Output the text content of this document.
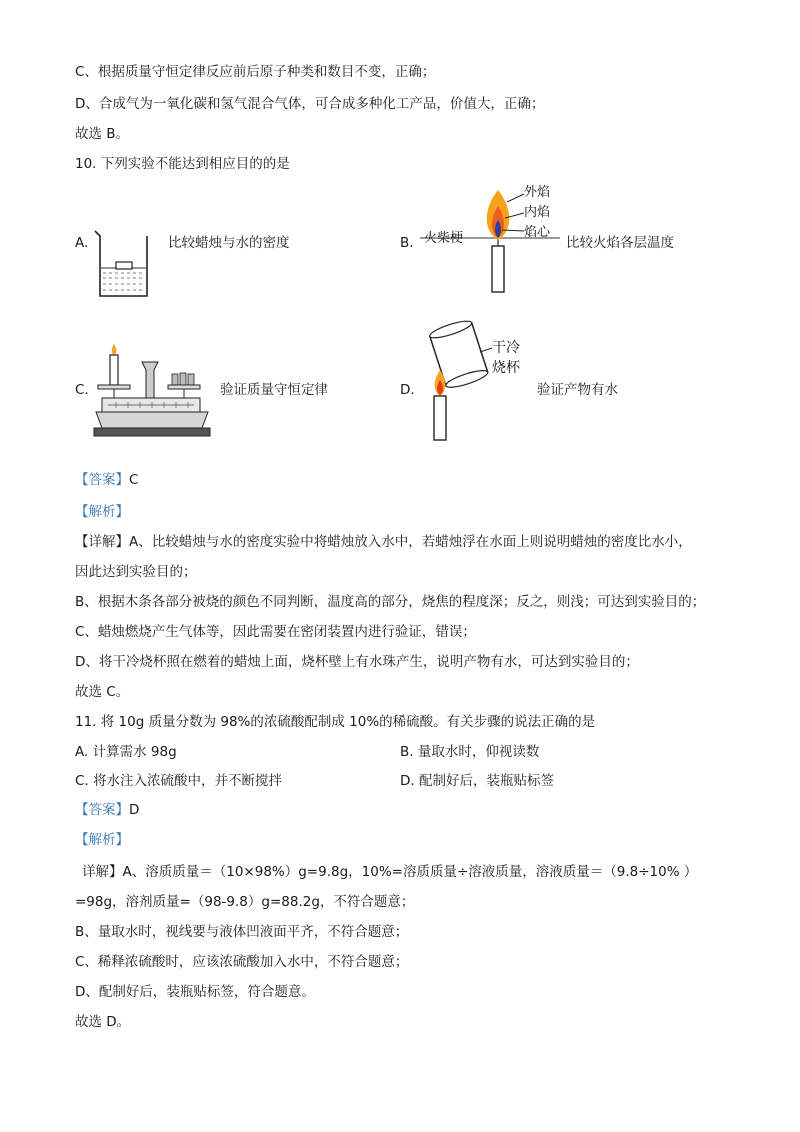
C、根据质量守恒定律反应前后原子种类和数目不变，正确；
D、合成气为一氧化碳和氢气混合气体，可合成多种化工产品，价值大，正确；
故选 B。
10. 下列实验不能达到相应目的的是
A.	比较蜡烛与水的密度	B.
外焰
内焰
焰心
火柴梗	比较火焰各层温度
C.	验证质量守恒定律	D.
干冷
烧杯
验证产物有水
【答案】C
【解析】
【详解】A、比较蜡烛与水的密度实验中将蜡烛放入水中，若蜡烛浮在水面上则说明蜡烛的密度比水小，
因此达到实验目的；
B、根据木条各部分被烧的颜色不同判断，温度高的部分，烧焦的程度深；反之，则浅；可达到实验目的；
C、蜡烛燃烧产生气体等，因此需要在密闭装置内进行验证，错误；
D、将干冷烧杯照在燃着的蜡烛上面，烧杯壁上有水珠产生，说明产物有水，可达到实验目的；
故选 C。
11. 将 10g 质量分数为 98%的浓硫酸配制成 10%的稀硫酸。有关步骤的说法正确的是
A. 计算需水 98g	B. 量取水时，仰视读数
C. 将水注入浓硫酸中，并不断搅拌	D. 配制好后，装瓶贴标签
【答案】D
【解析】
详解】A、溶质质量＝（10×98%）g=9.8g，10%=溶质质量÷溶液质量，溶液质量＝（9.8÷10% ）
=98g，溶剂质量=（98-9.8）g=88.2g，不符合题意；
B、量取水时，视线要与液体凹液面平齐，不符合题意；
C、稀释浓硫酸时，应该浓硫酸加入水中，不符合题意；
D、配制好后，装瓶贴标签，符合题意。
故选 D。
